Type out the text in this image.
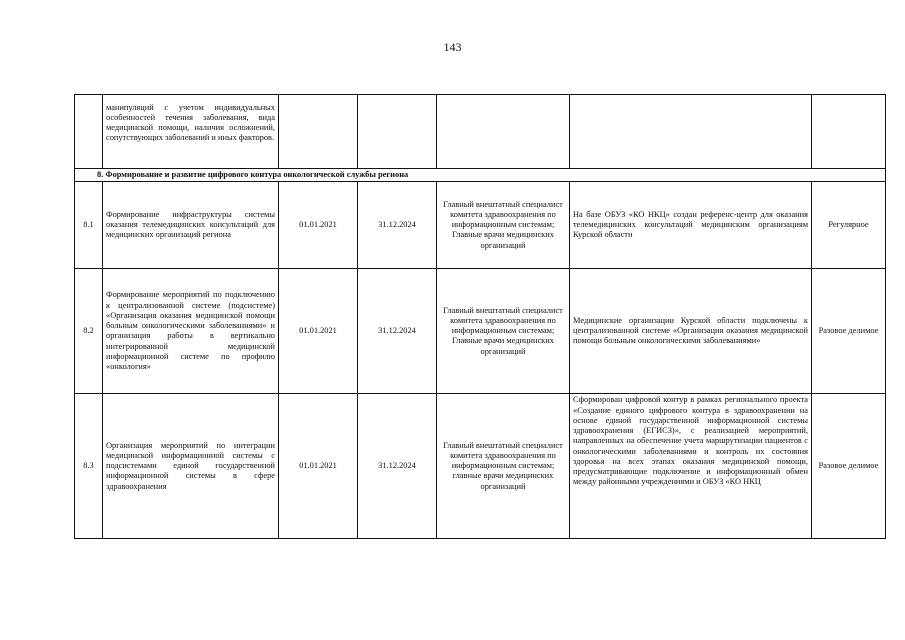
143

	манипуляций с учетом индивидуальных особенностей течения заболевания, вида медицинской помощи, наличия осложнений, сопутствующих заболеваний и иных факторов.					

8. Формирование и развитие цифрового контура онкологической службы региона						
8.1	Формирование инфраструктуры системы оказания телемедицинских консультаций для медицинских организаций региона	01.01.2021	31.12.2024	Главный внештатный специалист комитета здравоохранения по информационным системам; Главные врачи медицинских организаций	На базе ОБУЗ «КО НКЦ» создан референс-центр для оказания телемедицинских консультаций медицинским организациям Курской области	Регулярное
8.2	Формирование мероприятий по подключению к централизованной системе (подсистеме) «Организация оказания медицинской помощи больным онкологическими заболеваниями» и организация работы в вертикально интегрированной медицинской информационной системе по профилю «онкология»	01.01.2021	31.12.2024	Главный внештатный специалист комитета здравоохранения по информационным системам; Главные врачи медицинских организаций	Медицинские организации Курской области подключены к централизованной системе «Организация оказания медицинской помощи больным онкологическими заболеваниями»	Разовое делимое
8.3	Организация мероприятий по интеграции медицинской информационной системы с подсистемами единой государственной информационной системы в сфере здравоохранения	01.01.2021	31.12.2024	Главный внештатный специалист комитета здравоохранения по информационным системам; главные врачи медицинских организаций	Сформирован цифровой контур в рамках регионального проекта «Создание единого цифрового контура в здравоохранении на основе единой государственной информационной системы здравоохранения (ЕГИСЗ)», с реализацией мероприятий, направленных на обеспечение учета маршрутизации пациентов с онкологическими заболеваниями и контроль их состояния здоровья на всех этапах оказания медицинской помощи, предусматривающие подключение и информационный обмен между районными учреждениями и ОБУЗ «КО НКЦ	Разовое делимое
